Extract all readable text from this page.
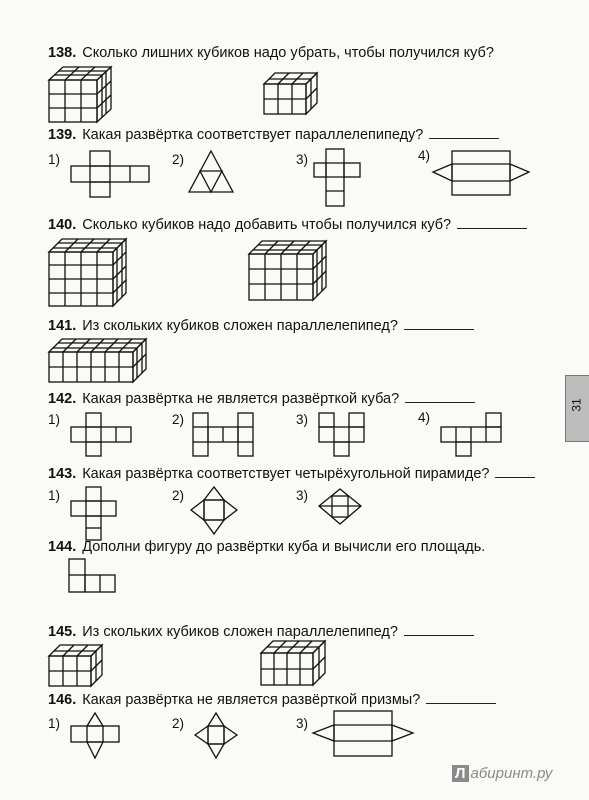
138. Сколько лишних кубиков надо убрать, чтобы получился куб?
139. Какая развёртка соответствует параллелепипеду?
1)	2)	3)	4)
140. Сколько кубиков надо добавить чтобы получился куб?
141. Из скольких кубиков сложен параллелепипед?
142. Какая развёртка не является развёрткой куба?
1)	2)	3)	4)
143. Какая развёртка соответствует четырёхугольной пирамиде?
1)	2)	3)
144. Дополни фигуру до развёртки куба и вычисли его площадь.
145. Из скольких кубиков сложен параллелепипед?
146. Какая развёртка не является развёрткой призмы?
1)	2)	3)
31
Л абиринт.ру
